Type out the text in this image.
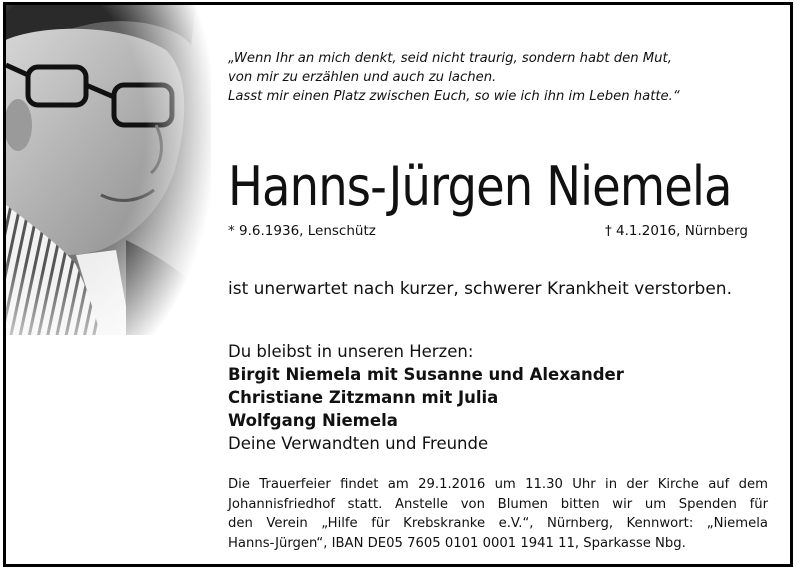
„Wenn Ihr an mich denkt, seid nicht traurig, sondern habt den Mut,
von mir zu erzählen und auch zu lachen.
Lasst mir einen Platz zwischen Euch, so wie ich ihn im Leben hatte.“
Hanns-Jürgen Niemela
* 9.6.1936, Lenschütz	† 4.1.2016, Nürnberg
ist unerwartet nach kurzer, schwerer Krankheit verstorben.
Du bleibst in unseren Herzen:
Birgit Niemela mit Susanne und Alexander
Christiane Zitzmann mit Julia
Wolfgang Niemela
Deine Verwandten und Freunde
Die Trauerfeier findet am 29.1.2016 um 11.30 Uhr in der Kirche auf dem
Johannisfriedhof statt. Anstelle von Blumen bitten wir um Spenden für
den Verein „Hilfe für Krebskranke e.V.“, Nürnberg, Kennwort: „Niemela
Hanns-Jürgen“, IBAN DE05 7605 0101 0001 1941 11, Sparkasse Nbg.
